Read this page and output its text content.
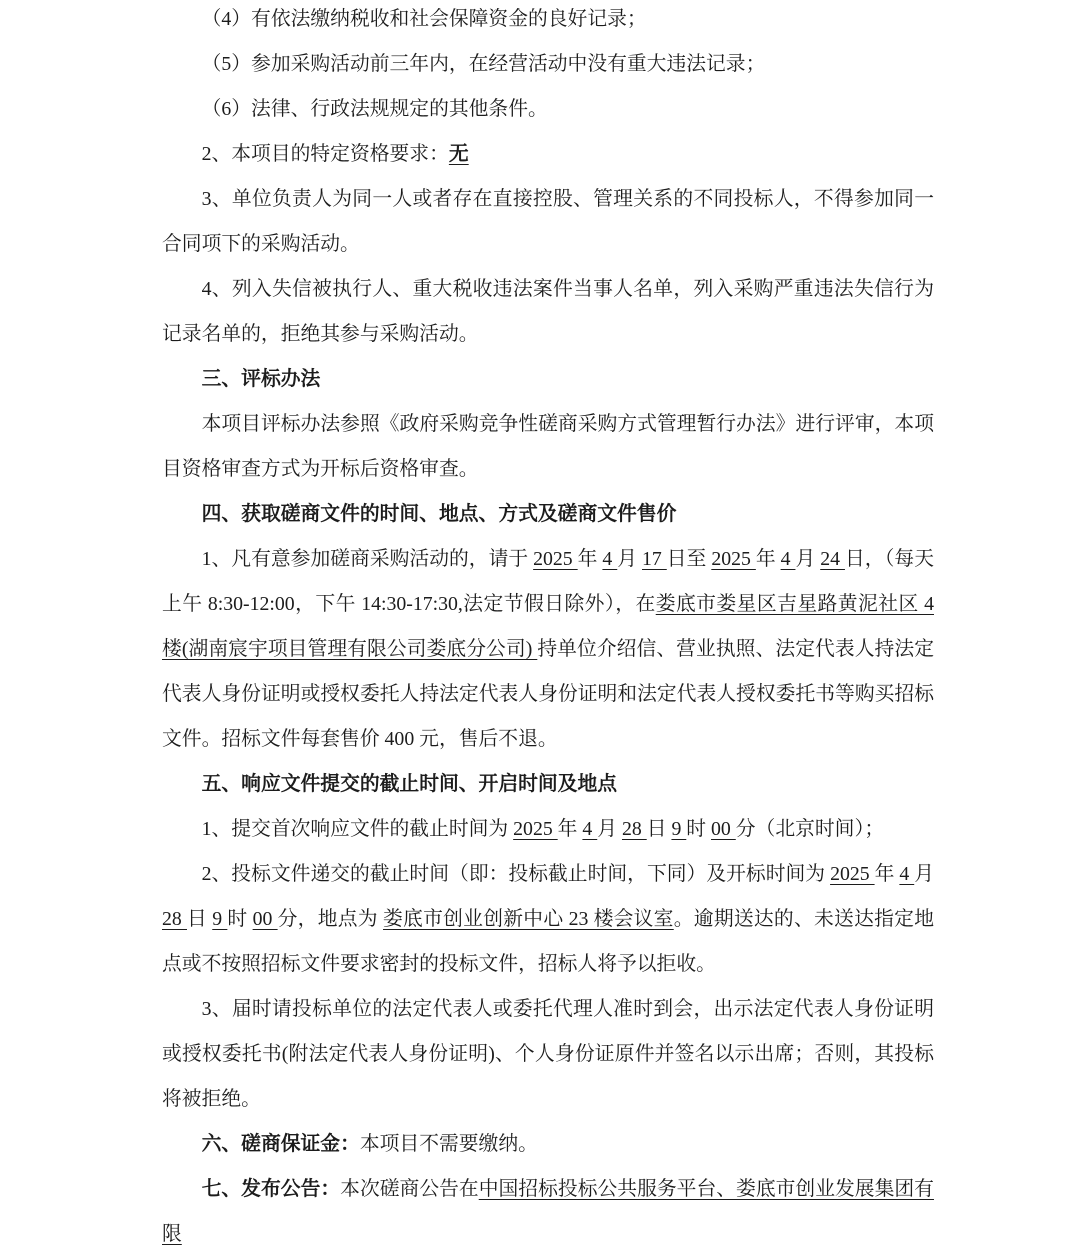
（4）有依法缴纳税收和社会保障资金的良好记录；

（5）参加采购活动前三年内，在经营活动中没有重大违法记录；

（6）法律、行政法规规定的其他条件。

2、本项目的特定资格要求：无

3、单位负责人为同一人或者存在直接控股、管理关系的不同投标人，不得参加同一合同项下的采购活动。

4、列入失信被执行人、重大税收违法案件当事人名单，列入采购严重违法失信行为记录名单的，拒绝其参与采购活动。

三、评标办法

本项目评标办法参照《政府采购竞争性磋商采购方式管理暂行办法》进行评审，本项目资格审查方式为开标后资格审查。

四、获取磋商文件的时间、地点、方式及磋商文件售价

1、凡有意参加磋商采购活动的，请于 2025 年 4 月 17 日至 2025 年 4 月 24 日，（每天上午 8:30-12:00，下午 14:30-17:30,法定节假日除外），在娄底市娄星区吉星路黄泥社区 4 楼(湖南宸宇项目管理有限公司娄底分公司) 持单位介绍信、营业执照、法定代表人持法定代表人身份证明或授权委托人持法定代表人身份证明和法定代表人授权委托书等购买招标文件。招标文件每套售价 400 元，售后不退。

五、响应文件提交的截止时间、开启时间及地点

1、提交首次响应文件的截止时间为 2025 年 4 月 28 日 9 时 00 分（北京时间）；

2、投标文件递交的截止时间（即：投标截止时间，下同）及开标时间为 2025 年 4 月 28 日 9 时 00 分，地点为 娄底市创业创新中心 23 楼会议室。逾期送达的、未送达指定地点或不按照招标文件要求密封的投标文件，招标人将予以拒收。

3、届时请投标单位的法定代表人或委托代理人准时到会，出示法定代表人身份证明或授权委托书(附法定代表人身份证明)、个人身份证原件并签名以示出席；否则，其投标将被拒绝。

六、磋商保证金：本项目不需要缴纳。

七、发布公告：本次磋商公告在中国招标投标公共服务平台、娄底市创业发展集团有限
